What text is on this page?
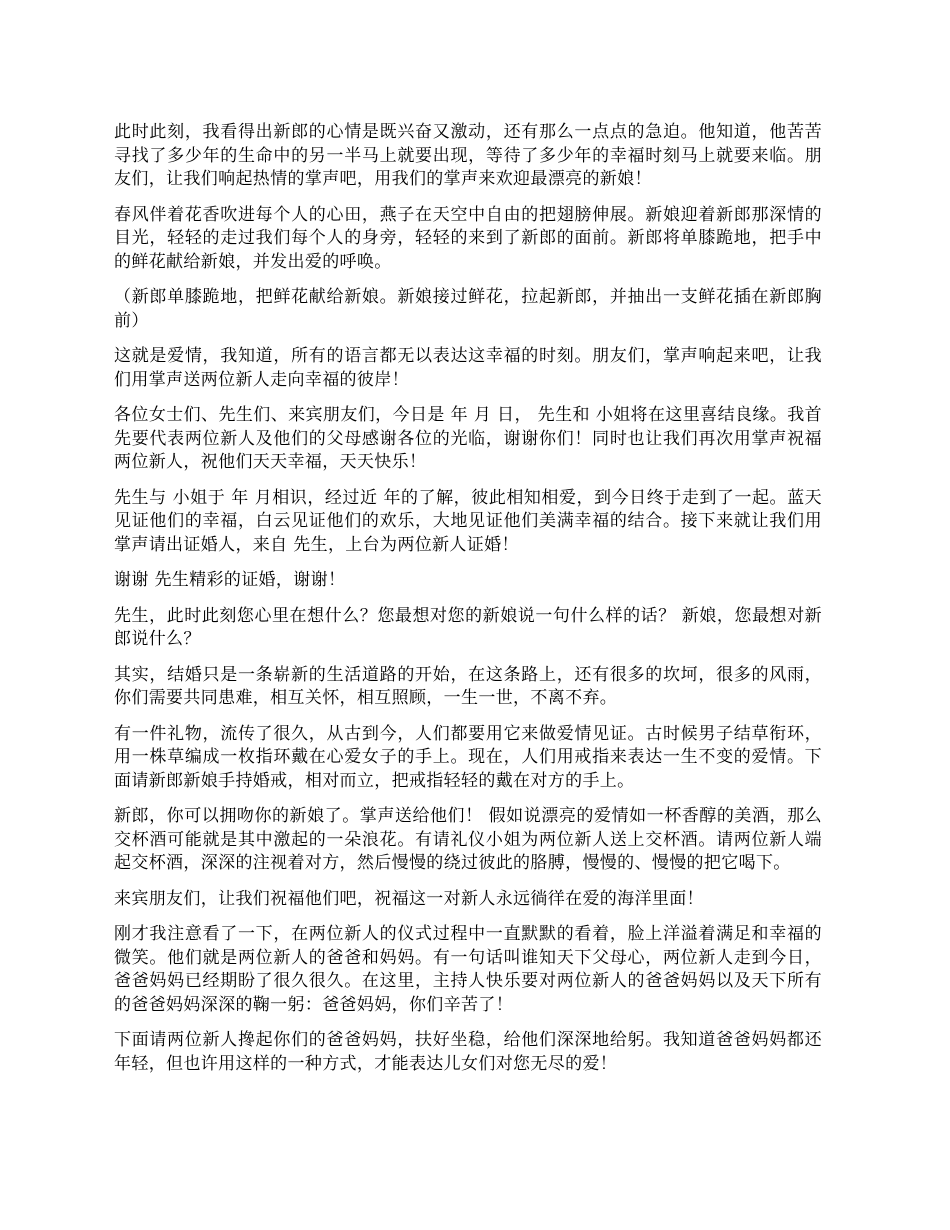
此时此刻，我看得出新郎的心情是既兴奋又激动，还有那么一点点的急迫。他知道，他苦苦寻找了多少年的生命中的另一半马上就要出现，等待了多少年的幸福时刻马上就要来临。朋友们，让我们响起热情的掌声吧，用我们的掌声来欢迎最漂亮的新娘！

春风伴着花香吹进每个人的心田，燕子在天空中自由的把翅膀伸展。新娘迎着新郎那深情的目光，轻轻的走过我们每个人的身旁，轻轻的来到了新郎的面前。新郎将单膝跪地，把手中的鲜花献给新娘，并发出爱的呼唤。

（新郎单膝跪地，把鲜花献给新娘。新娘接过鲜花，拉起新郎，并抽出一支鲜花插在新郎胸前）

这就是爱情，我知道，所有的语言都无以表达这幸福的时刻。朋友们，掌声响起来吧，让我们用掌声送两位新人走向幸福的彼岸！

各位女士们、先生们、来宾朋友们，今日是 年 月 日， 先生和 小姐将在这里喜结良缘。我首先要代表两位新人及他们的父母感谢各位的光临，谢谢你们！同时也让我们再次用掌声祝福两位新人，祝他们天天幸福，天天快乐！

先生与 小姐于 年 月相识，经过近 年的了解，彼此相知相爱，到今日终于走到了一起。蓝天见证他们的幸福，白云见证他们的欢乐，大地见证他们美满幸福的结合。接下来就让我们用掌声请出证婚人，来自 先生，上台为两位新人证婚！

谢谢 先生精彩的证婚，谢谢！

先生，此时此刻您心里在想什么？您最想对您的新娘说一句什么样的话？ 新娘，您最想对新郎说什么？

其实，结婚只是一条崭新的生活道路的开始，在这条路上，还有很多的坎坷，很多的风雨，你们需要共同患难，相互关怀，相互照顾，一生一世，不离不弃。

有一件礼物，流传了很久，从古到今，人们都要用它来做爱情见证。古时候男子结草衔环，用一株草编成一枚指环戴在心爱女子的手上。现在，人们用戒指来表达一生不变的爱情。下面请新郎新娘手持婚戒，相对而立，把戒指轻轻的戴在对方的手上。

新郎，你可以拥吻你的新娘了。掌声送给他们！ 假如说漂亮的爱情如一杯香醇的美酒，那么交杯酒可能就是其中激起的一朵浪花。有请礼仪小姐为两位新人送上交杯酒。请两位新人端起交杯酒，深深的注视着对方，然后慢慢的绕过彼此的胳膊，慢慢的、慢慢的把它喝下。

来宾朋友们，让我们祝福他们吧，祝福这一对新人永远徜徉在爱的海洋里面！

刚才我注意看了一下，在两位新人的仪式过程中一直默默的看着，脸上洋溢着满足和幸福的微笑。他们就是两位新人的爸爸和妈妈。有一句话叫谁知天下父母心，两位新人走到今日，爸爸妈妈已经期盼了很久很久。在这里，主持人快乐要对两位新人的爸爸妈妈以及天下所有的爸爸妈妈深深的鞠一躬：爸爸妈妈，你们辛苦了！

下面请两位新人搀起你们的爸爸妈妈，扶好坐稳，给他们深深地给躬。我知道爸爸妈妈都还年轻，但也许用这样的一种方式，才能表达儿女们对您无尽的爱！
